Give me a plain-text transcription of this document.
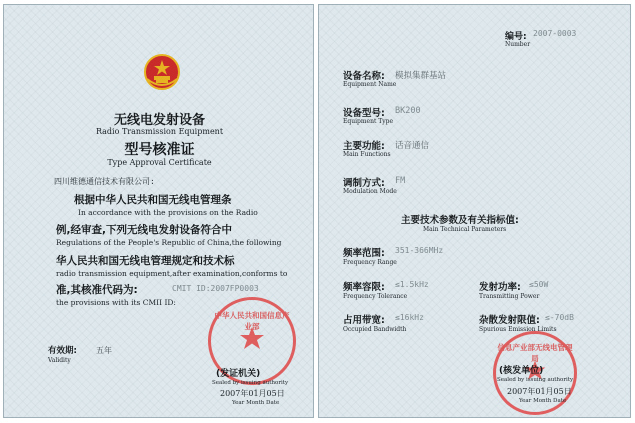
无线电发射设备
Radio Transmission Equipment
型号核准证
Type Approval Certificate
四川维德通信技术有限公司:
根据中华人民共和国无线电管理条
In accordance with the provisions on the Radio
例,经审查,下列无线电发射设备符合中
Regulations of the People's Republic of China,the following
华人民共和国无线电管理规定和技术标
radio transmission equipment,after examination,conforms to
准,其核准代码为:	CMIT ID:2007FP0003
the provisions with its CMII ID:
中华人民共和国信息产业部
有效期: 五年
Validity
(发证机关)
Sealed by issuing authority
2007年01月05日
Year Month Date
编号: 2007-0003
Number
设备名称: 模拟集群基站
Equipment Name
设备型号: BK200
Equipment Type
主要功能: 话音通信
Main Functions
调制方式: FM
Modulation Mode
主要技术参数及有关指标值:
Main Technical Parameters
频率范围: 351-366MHz
Frequency Range
频率容限: ≤1.5kHz
Frequency Tolerance
发射功率: ≤50W
Transmitting Power
占用带宽: ≤16kHz
Occupied Bandwidth
杂散发射限值: ≤-70dB
Spurious Emission Limits
信息产业部无线电管理局
(核发单位)
Sealed by issuing authority
2007年01月05日
Year Month Date
